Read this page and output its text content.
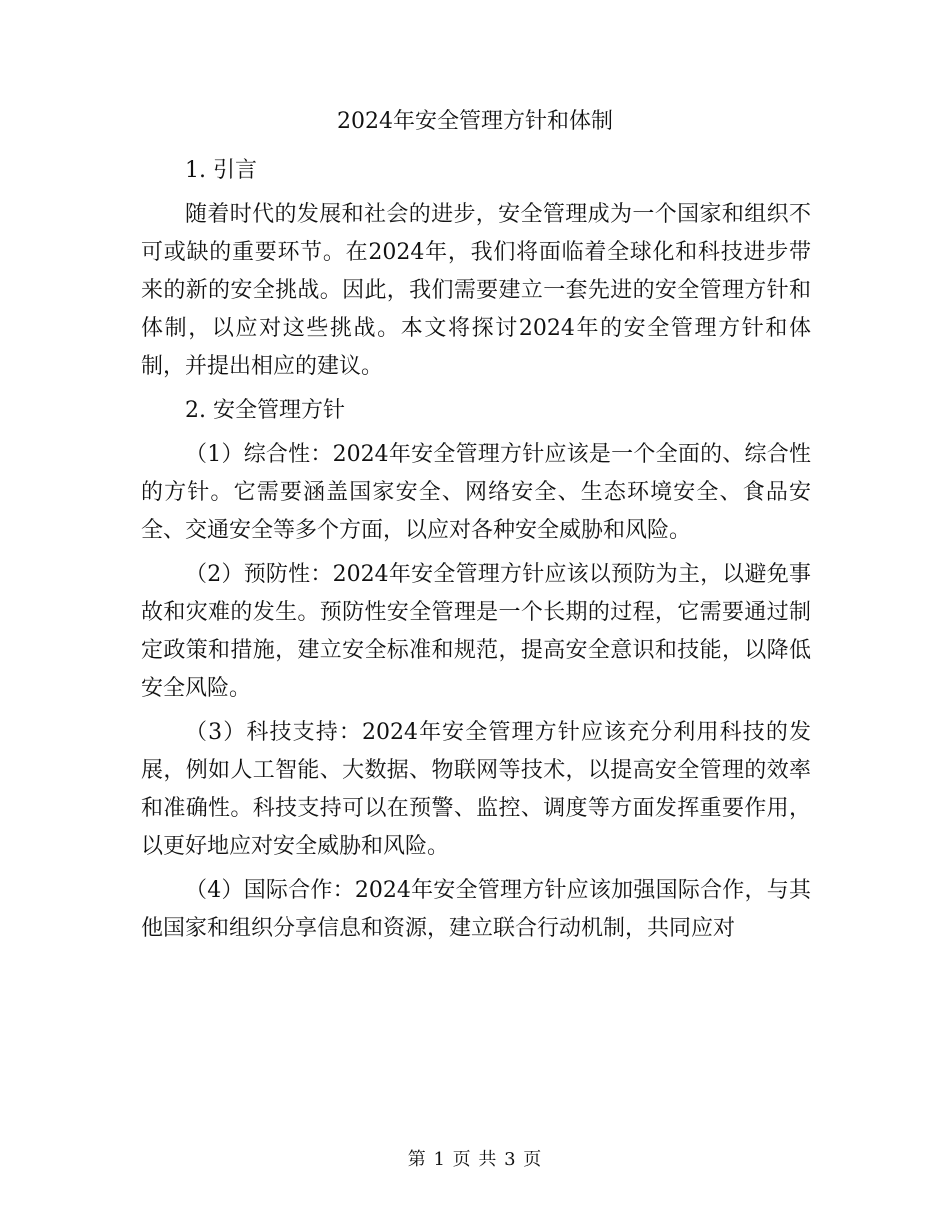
2024年安全管理方针和体制

1. 引言

随着时代的发展和社会的进步，安全管理成为一个国家和组织不可或缺的重要环节。在2024年，我们将面临着全球化和科技进步带来的新的安全挑战。因此，我们需要建立一套先进的安全管理方针和体制，以应对这些挑战。本文将探讨2024年的安全管理方针和体制，并提出相应的建议。

2. 安全管理方针

（1）综合性：2024年安全管理方针应该是一个全面的、综合性的方针。它需要涵盖国家安全、网络安全、生态环境安全、食品安全、交通安全等多个方面，以应对各种安全威胁和风险。

（2）预防性：2024年安全管理方针应该以预防为主，以避免事故和灾难的发生。预防性安全管理是一个长期的过程，它需要通过制定政策和措施，建立安全标准和规范，提高安全意识和技能，以降低安全风险。

（3）科技支持：2024年安全管理方针应该充分利用科技的发展，例如人工智能、大数据、物联网等技术，以提高安全管理的效率和准确性。科技支持可以在预警、监控、调度等方面发挥重要作用，以更好地应对安全威胁和风险。

（4）国际合作：2024年安全管理方针应该加强国际合作，与其他国家和组织分享信息和资源，建立联合行动机制，共同应对

第 1 页 共 3 页
